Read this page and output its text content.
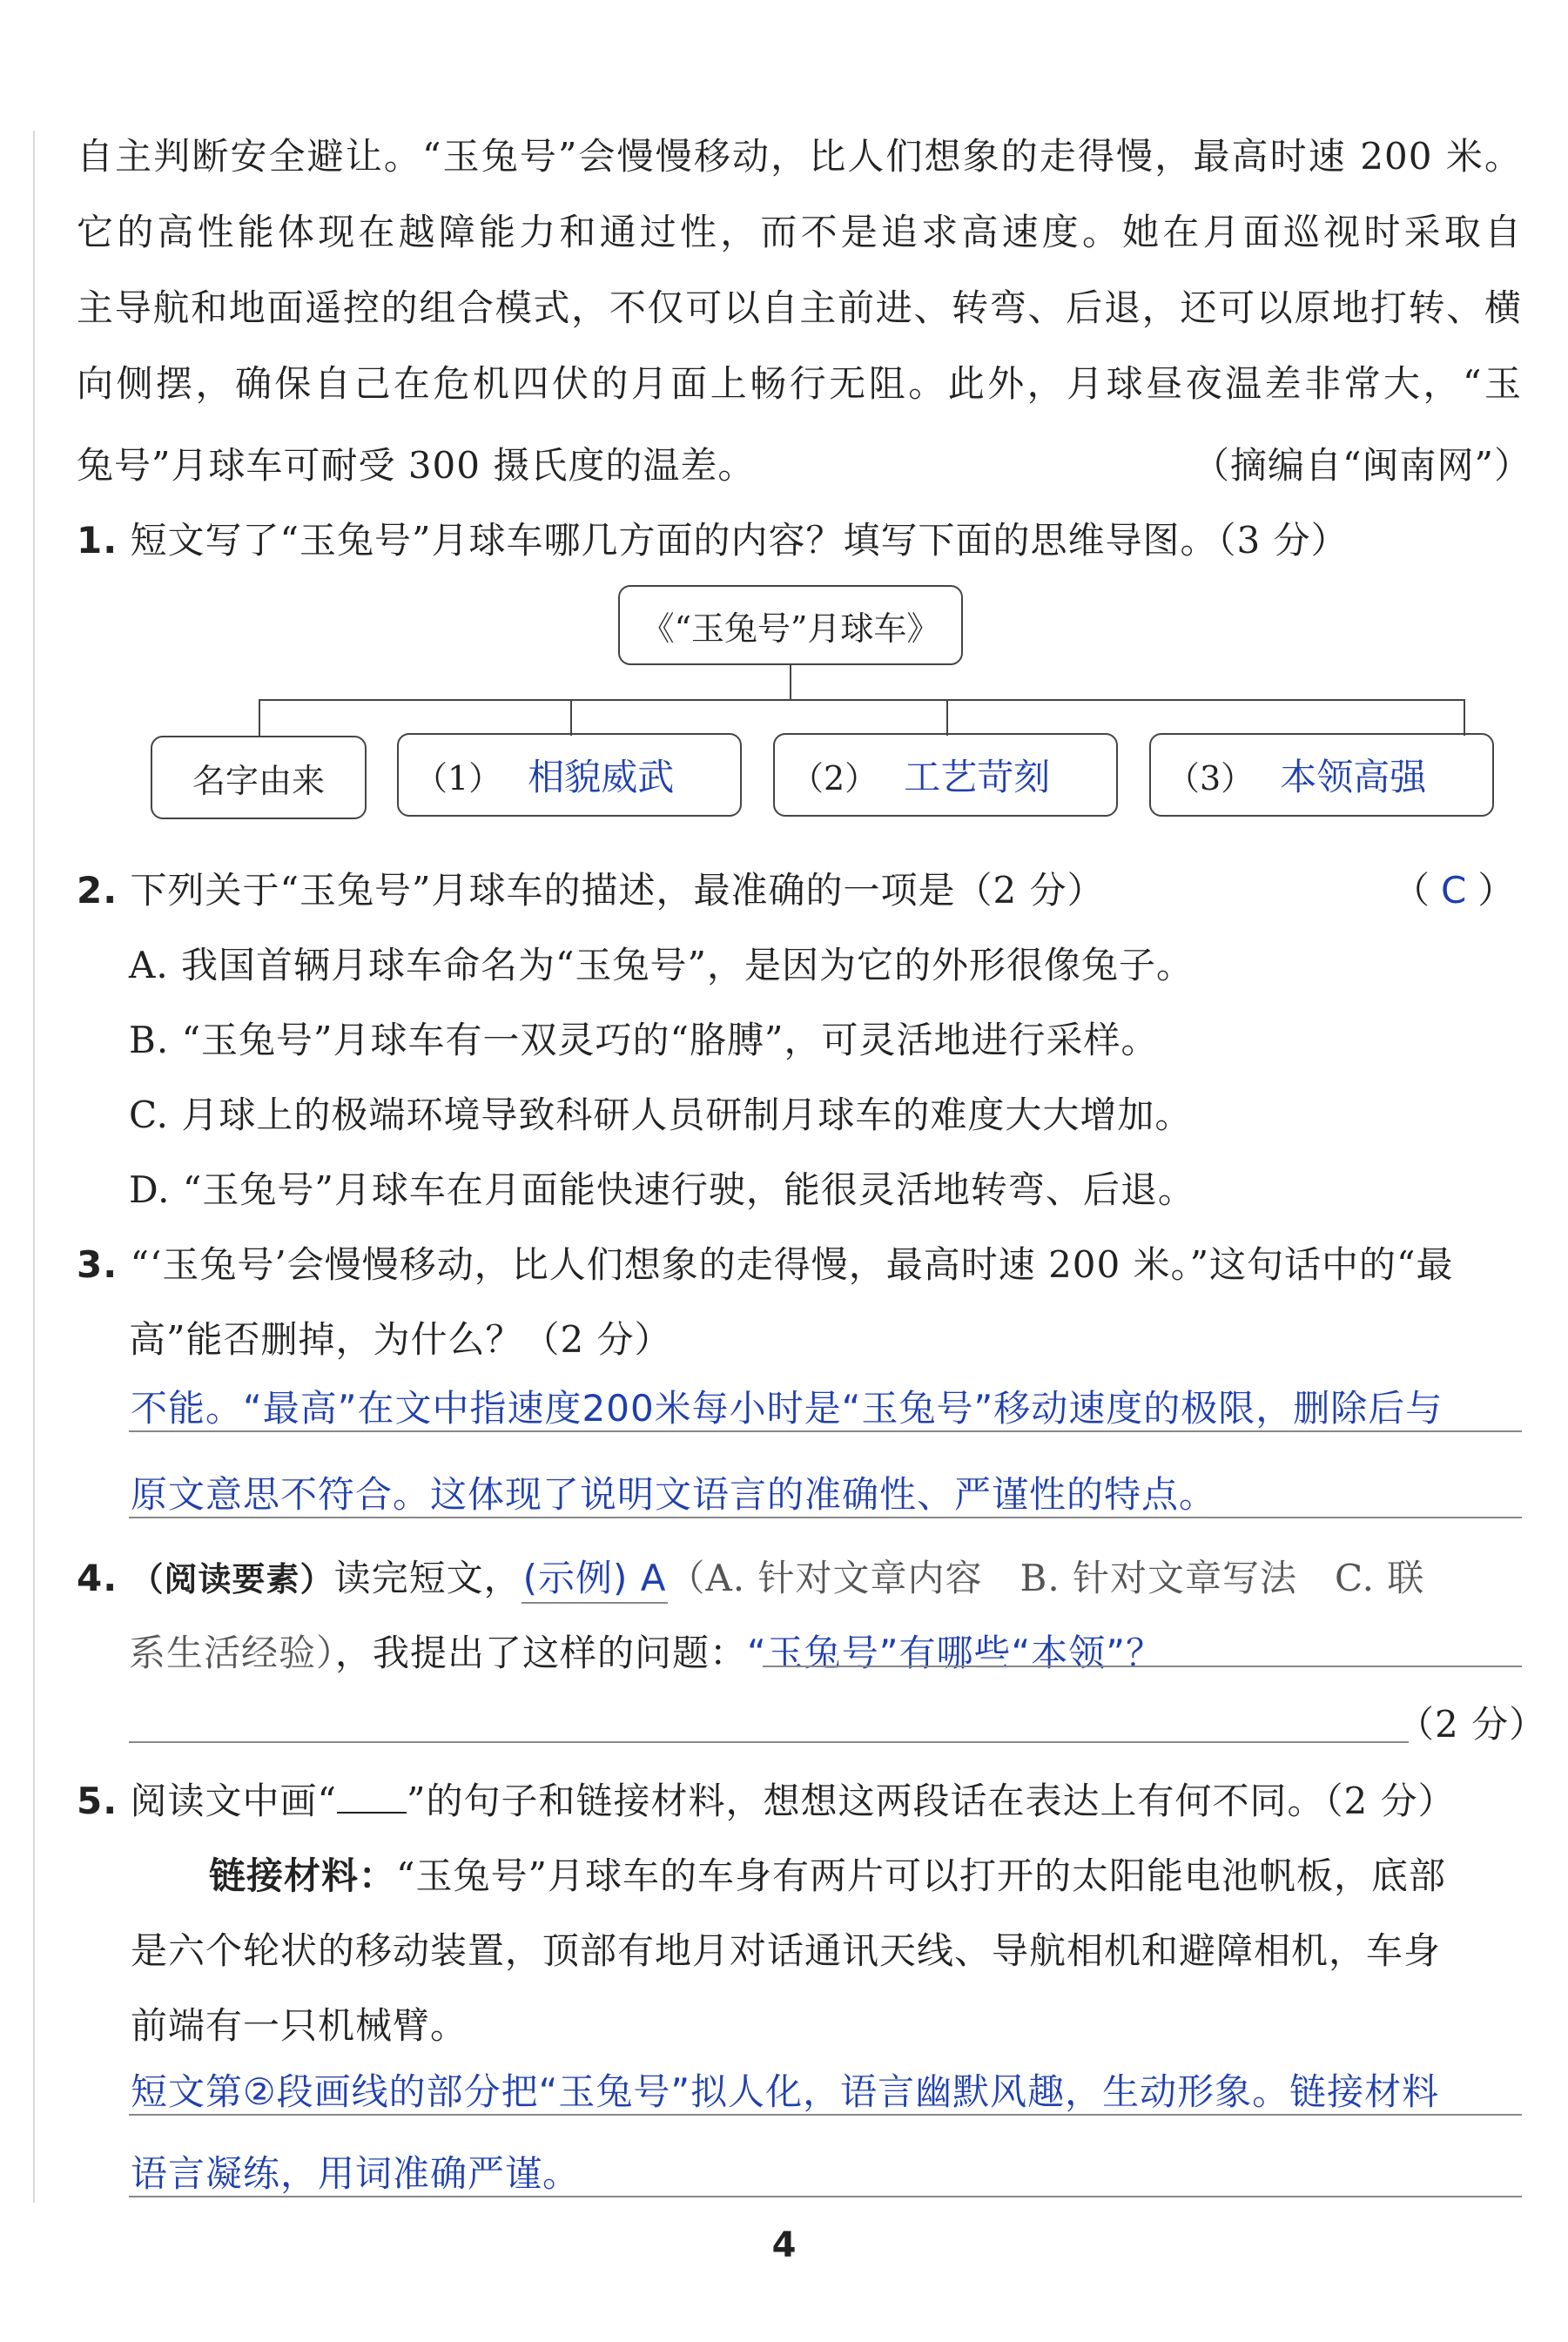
自主判断安全避让。“玉兔号”会慢慢移动，比人们想象的走得慢，最高时速 200 米。
它的高性能体现在越障能力和通过性，而不是追求高速度。她在月面巡视时采取自
主导航和地面遥控的组合模式，不仅可以自主前进、转弯、后退，还可以原地打转、横
向侧摆，确保自己在危机四伏的月面上畅行无阻。此外，月球昼夜温差非常大，“玉
兔号”月球车可耐受 300 摄氏度的温差。	（摘编自“闽南网”）
1. 短文写了“玉兔号”月球车哪几方面的内容？填写下面的思维导图。（3 分）
《“玉兔号”月球车》
名字由来	（1） 相貌威武	（2） 工艺苛刻	（3） 本领高强
2. 下列关于“玉兔号”月球车的描述，最准确的一项是（2 分）	（ C ）
A. 我国首辆月球车命名为“玉兔号”，是因为它的外形很像兔子。
B. “玉兔号”月球车有一双灵巧的“胳膊”，可灵活地进行采样。
C. 月球上的极端环境导致科研人员研制月球车的难度大大增加。
D. “玉兔号”月球车在月面能快速行驶，能很灵活地转弯、后退。
3. “‘玉兔号’会慢慢移动，比人们想象的走得慢，最高时速 200 米。”这句话中的“最
高”能否删掉，为什么？（2 分）
不能。“最高”在文中指速度200米每小时是“玉兔号”移动速度的极限，删除后与
原文意思不符合。这体现了说明文语言的准确性、严谨性的特点。
4. （阅读要素）读完短文，(示例) A（A. 针对文章内容　B. 针对文章写法　C. 联
系生活经验），我提出了这样的问题：“玉兔号”有哪些“本领”？
（2 分）
5. 阅读文中画“ ”的句子和链接材料，想想这两段话在表达上有何不同。（2 分）
链接材料：“玉兔号”月球车的车身有两片可以打开的太阳能电池帆板，底部
是六个轮状的移动装置，顶部有地月对话通讯天线、导航相机和避障相机，车身
前端有一只机械臂。
短文第②段画线的部分把“玉兔号”拟人化，语言幽默风趣，生动形象。链接材料
语言凝练，用词准确严谨。
4
